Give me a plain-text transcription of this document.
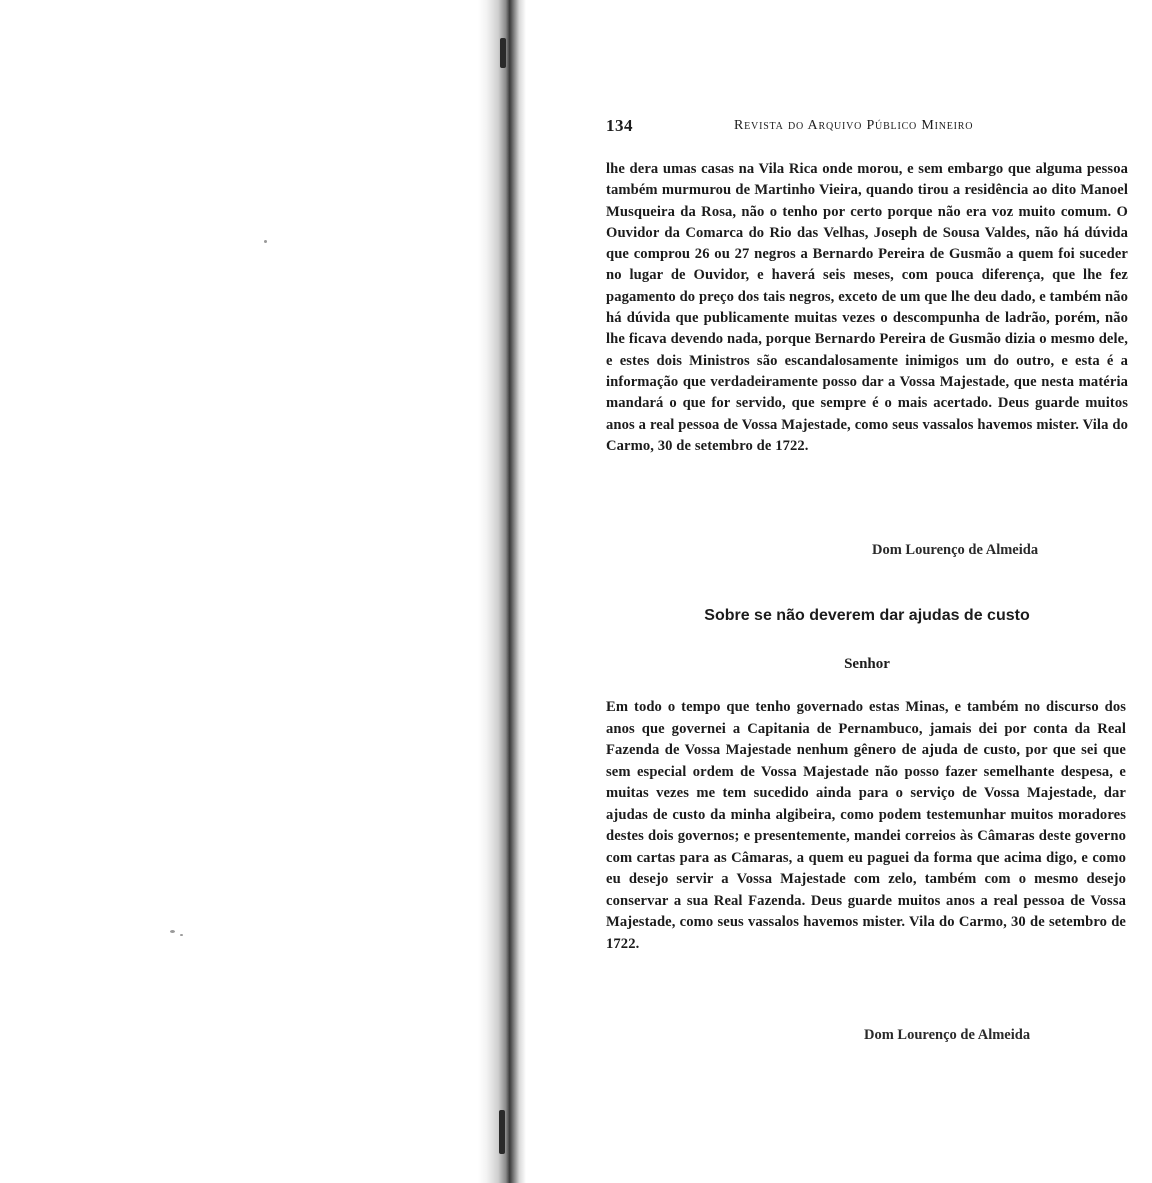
134	Revista do Arquivo Público Mineiro

lhe dera umas casas na Vila Rica onde morou, e sem embargo que alguma pessoa também murmurou de Martinho Vieira, quando tirou a residência ao dito Manoel Musqueira da Rosa, não o tenho por certo porque não era voz muito comum. O Ouvidor da Comarca do Rio das Velhas, Joseph de Sousa Valdes, não há dúvida que comprou 26 ou 27 negros a Bernardo Pereira de Gusmão a quem foi suceder no lugar de Ouvidor, e haverá seis meses, com pouca diferença, que lhe fez pagamento do preço dos tais negros, exceto de um que lhe deu dado, e também não há dúvida que publicamente muitas vezes o descompunha de ladrão, porém, não lhe ficava devendo nada, porque Bernardo Pereira de Gusmão dizia o mesmo dele, e estes dois Ministros são escandalosamente inimigos um do outro, e esta é a informação que verdadeiramente posso dar a Vossa Majestade, que nesta matéria mandará o que for servido, que sempre é o mais acertado. Deus guarde muitos anos a real pessoa de Vossa Majestade, como seus vassalos havemos mister. Vila do Carmo, 30 de setembro de 1722.

Dom Lourenço de Almeida
Sobre se não deverem dar ajudas de custo
Senhor

Em todo o tempo que tenho governado estas Minas, e também no discurso dos anos que governei a Capitania de Pernambuco, jamais dei por conta da Real Fazenda de Vossa Majestade nenhum gênero de ajuda de custo, por que sei que sem especial ordem de Vossa Majestade não posso fazer semelhante despesa, e muitas vezes me tem sucedido ainda para o serviço de Vossa Majestade, dar ajudas de custo da minha algibeira, como podem testemunhar muitos moradores destes dois governos; e presentemente, mandei correios às Câmaras deste governo com cartas para as Câmaras, a quem eu paguei da forma que acima digo, e como eu desejo servir a Vossa Majestade com zelo, também com o mesmo desejo conservar a sua Real Fazenda. Deus guarde muitos anos a real pessoa de Vossa Majestade, como seus vassalos havemos mister. Vila do Carmo, 30 de setembro de 1722.

Dom Lourenço de Almeida
